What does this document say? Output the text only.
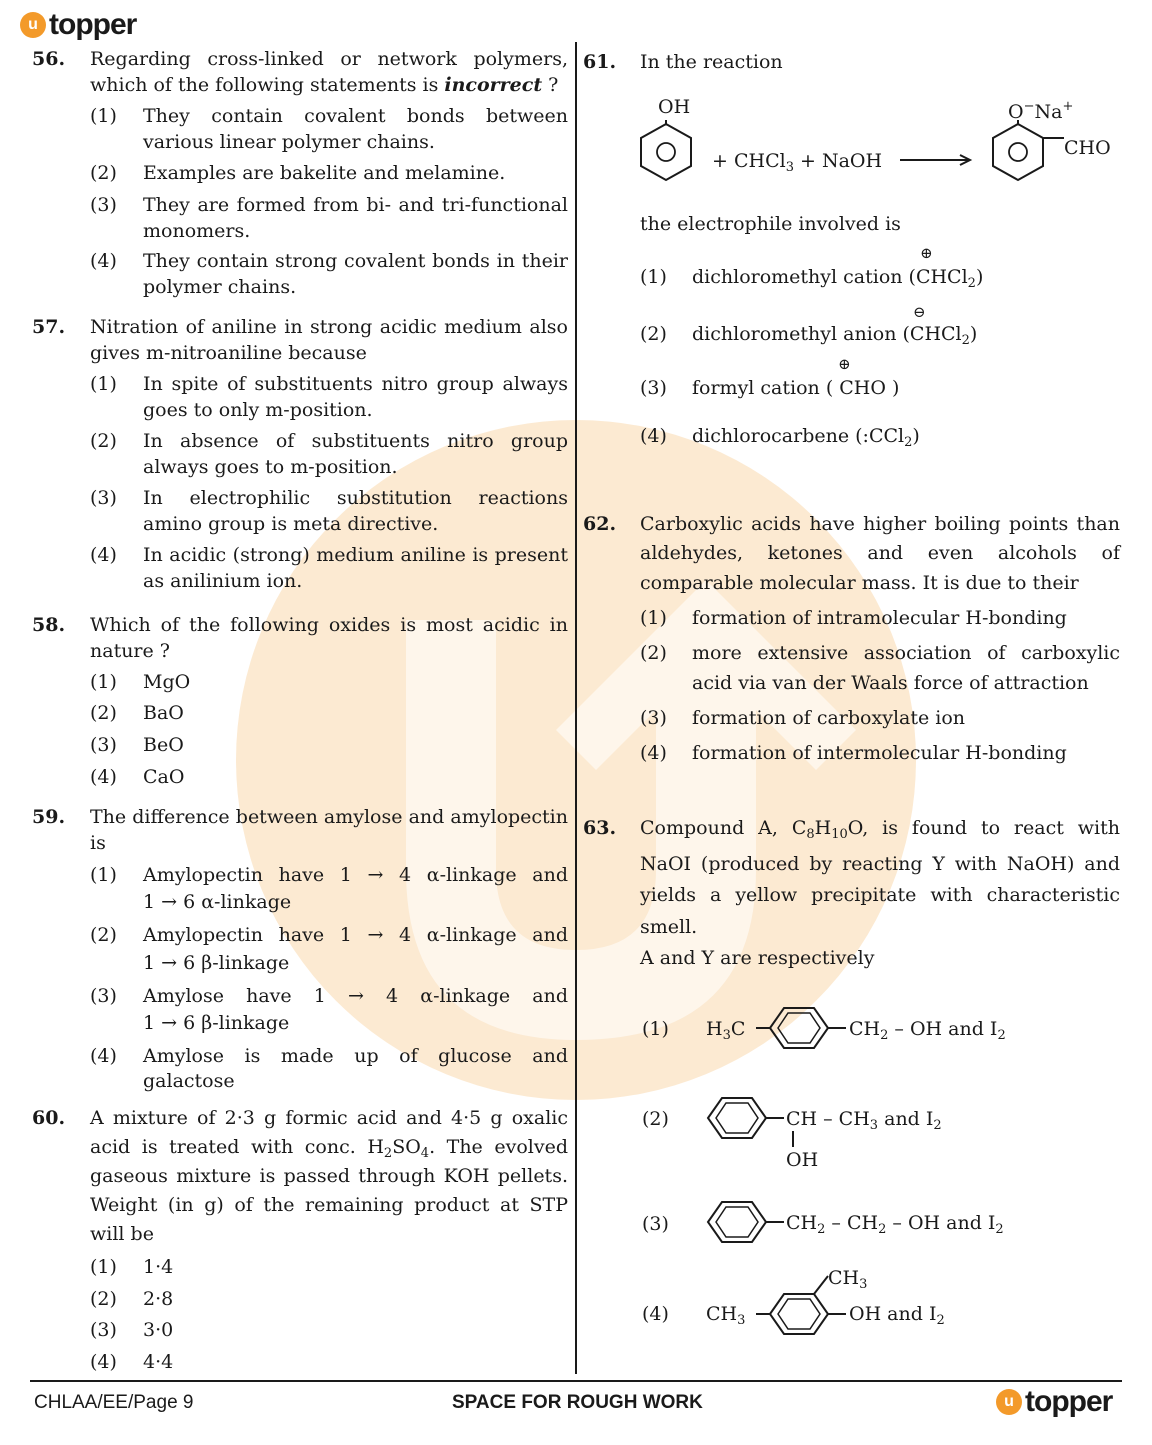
u topper
56. Regarding cross-linked or network polymers,
which of the following statements is incorrect ?
(1) They contain covalent bonds between
various linear polymer chains.
(2) Examples are bakelite and melamine.
(3) They are formed from bi- and tri-functional
monomers.
(4) They contain strong covalent bonds in their
polymer chains.
57. Nitration of aniline in strong acidic medium also
gives m-nitroaniline because
(1) In spite of substituents nitro group always
goes to only m-position.
(2) In absence of substituents nitro group
always goes to m-position.
(3) In electrophilic substitution reactions
amino group is meta directive.
(4) In acidic (strong) medium aniline is present
as anilinium ion.
58. Which of the following oxides is most acidic in
nature ?
(1) MgO
(2) BaO
(3) BeO
(4) CaO
59. The difference between amylose and amylopectin
is
(1) Amylopectin have 1 → 4 α-linkage and
1 → 6 α-linkage
(2) Amylopectin have 1 → 4 α-linkage and
1 → 6 β-linkage
(3) Amylose have 1 → 4 α-linkage and
1 → 6 β-linkage
(4) Amylose is made up of glucose and
galactose
60. A mixture of 2·3 g formic acid and 4·5 g oxalic
acid is treated with conc. $H_2SO_4$. The evolved
gaseous mixture is passed through KOH pellets.
Weight (in g) of the remaining product at STP
will be
(1) 1·4
(2) 2·8
(3) 3·0
(4) 4·4
61. In the reaction
OH
+ CHCl$_3$ + NaOH
O−Na+
CHO
the electrophile involved is
⊕
(1) dichloromethyl cation (CHCl$_2$)
⊖
(2) dichloromethyl anion (CHCl$_2$)
⊕
(3) formyl cation ( CHO )
(4) dichlorocarbene (:CCl$_2$)
62. Carboxylic acids have higher boiling points than
aldehydes, ketones and even alcohols of
comparable molecular mass. It is due to their
(1) formation of intramolecular H-bonding
(2) more extensive association of carboxylic
acid via van der Waals force of attraction
(3) formation of carboxylate ion
(4) formation of intermolecular H-bonding
63. Compound A, $C_8H_{10}O$, is found to react with
NaOI (produced by reacting Y with NaOH) and
yields a yellow precipitate with characteristic
smell.
A and Y are respectively
(1) $H_3C$	$CH_2$ – OH and $I_2$
(2)	CH – $CH_3$ and $I_2$
OH
(3)	$CH_2 - CH_2$ – OH and $I_2$
(4) $CH_3$
$CH_3$
OH and $I_2$
CHLAA/EE/Page 9	SPACE FOR ROUGH WORK	u topper
